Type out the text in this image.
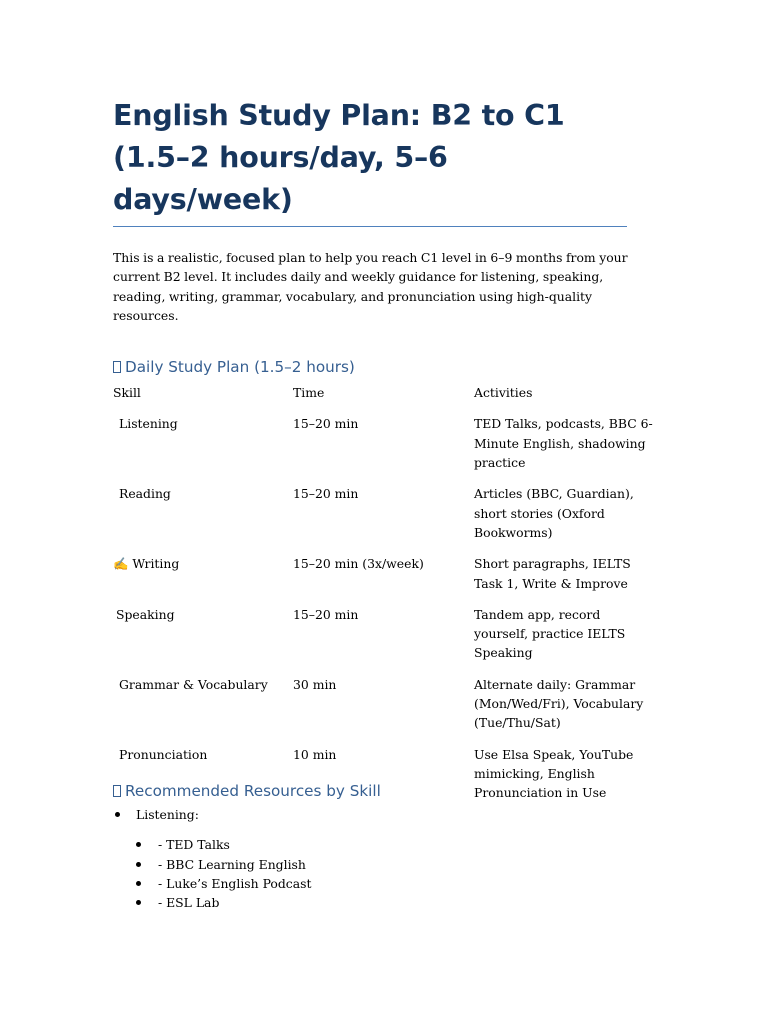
English Study Plan: B2 to C1 (1.5–2 hours/day, 5–6 days/week)

This is a realistic, focused plan to help you reach C1 level in 6–9 months from your current B2 level. It includes daily and weekly guidance for listening, speaking, reading, writing, grammar, vocabulary, and pronunciation using high-quality resources.

Daily Study Plan (1.5–2 hours)
Skill	Time	Activities
Listening	15–20 min	TED Talks, podcasts, BBC 6-Minute English, shadowing practice
Reading	15–20 min	Articles (BBC, Guardian), short stories (Oxford Bookworms)
✍ Writing	15–20 min (3x/week)	Short paragraphs, IELTS Task 1, Write & Improve
Speaking	15–20 min	Tandem app, record yourself, practice IELTS Speaking
Grammar & Vocabulary	30 min	Alternate daily: Grammar (Mon/Wed/Fri), Vocabulary (Tue/Thu/Sat)
Pronunciation	10 min	Use Elsa Speak, YouTube mimicking, English Pronunciation in Use
Recommended Resources by Skill
Listening:
- TED Talks
- BBC Learning English
- Luke’s English Podcast
- ESL Lab
